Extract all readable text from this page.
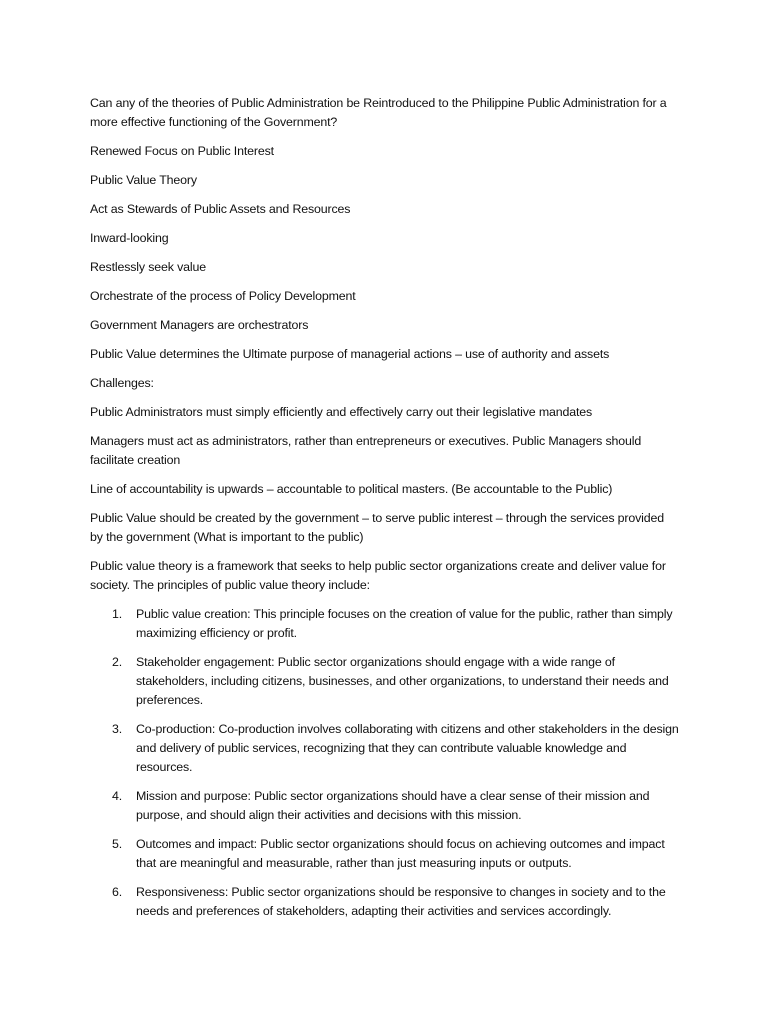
Can any of the theories of Public Administration be Reintroduced to the Philippine Public Administration for a more effective functioning of the Government?

Renewed Focus on Public Interest

Public Value Theory

Act as Stewards of Public Assets and Resources

Inward-looking

Restlessly seek value

Orchestrate of the process of Policy Development

Government Managers are orchestrators

Public Value determines the Ultimate purpose of managerial actions – use of authority and assets

Challenges:

Public Administrators must simply efficiently and effectively carry out their legislative mandates

Managers must act as administrators, rather than entrepreneurs or executives. Public Managers should facilitate creation

Line of accountability is upwards – accountable to political masters. (Be accountable to the Public)

Public Value should be created by the government – to serve public interest – through the services provided by the government (What is important to the public)

Public value theory is a framework that seeks to help public sector organizations create and deliver value for society. The principles of public value theory include:

1. Public value creation: This principle focuses on the creation of value for the public, rather than simply maximizing efficiency or profit.
2. Stakeholder engagement: Public sector organizations should engage with a wide range of stakeholders, including citizens, businesses, and other organizations, to understand their needs and preferences.
3. Co-production: Co-production involves collaborating with citizens and other stakeholders in the design and delivery of public services, recognizing that they can contribute valuable knowledge and resources.
4. Mission and purpose: Public sector organizations should have a clear sense of their mission and purpose, and should align their activities and decisions with this mission.
5. Outcomes and impact: Public sector organizations should focus on achieving outcomes and impact that are meaningful and measurable, rather than just measuring inputs or outputs.
6. Responsiveness: Public sector organizations should be responsive to changes in society and to the needs and preferences of stakeholders, adapting their activities and services accordingly.
